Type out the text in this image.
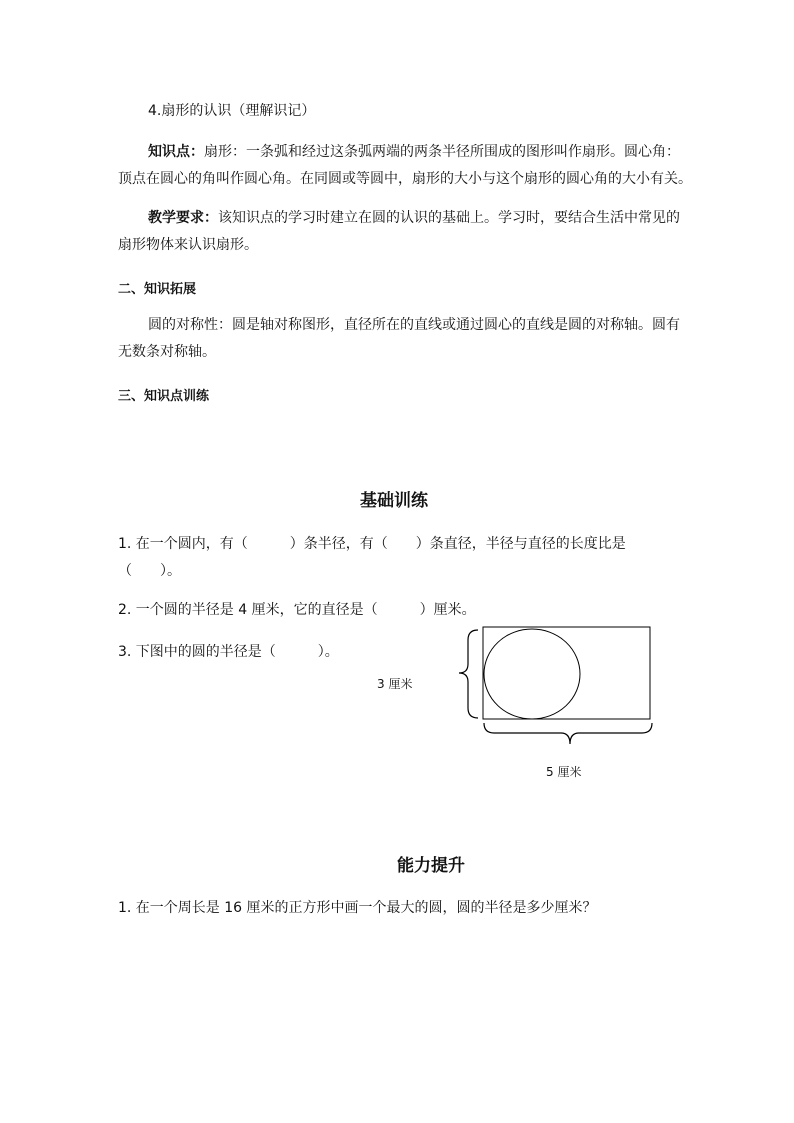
4.扇形的认识（理解识记）
知识点：扇形：一条弧和经过这条弧两端的两条半径所围成的图形叫作扇形。圆心角：
顶点在圆心的角叫作圆心角。在同圆或等圆中，扇形的大小与这个扇形的圆心角的大小有关。
教学要求：该知识点的学习时建立在圆的认识的基础上。学习时，要结合生活中常见的
扇形物体来认识扇形。
二、知识拓展
圆的对称性：圆是轴对称图形，直径所在的直线或通过圆心的直线是圆的对称轴。圆有
无数条对称轴。
三、知识点训练
基础训练
1. 在一个圆内，有（　　　）条半径，有（　　）条直径，半径与直径的长度比是
（　　）。
2. 一个圆的半径是 4 厘米，它的直径是（　　　）厘米。
3. 下图中的圆的半径是（　　　）。
3 厘米
5 厘米
能力提升
1. 在一个周长是 16 厘米的正方形中画一个最大的圆，圆的半径是多少厘米？
